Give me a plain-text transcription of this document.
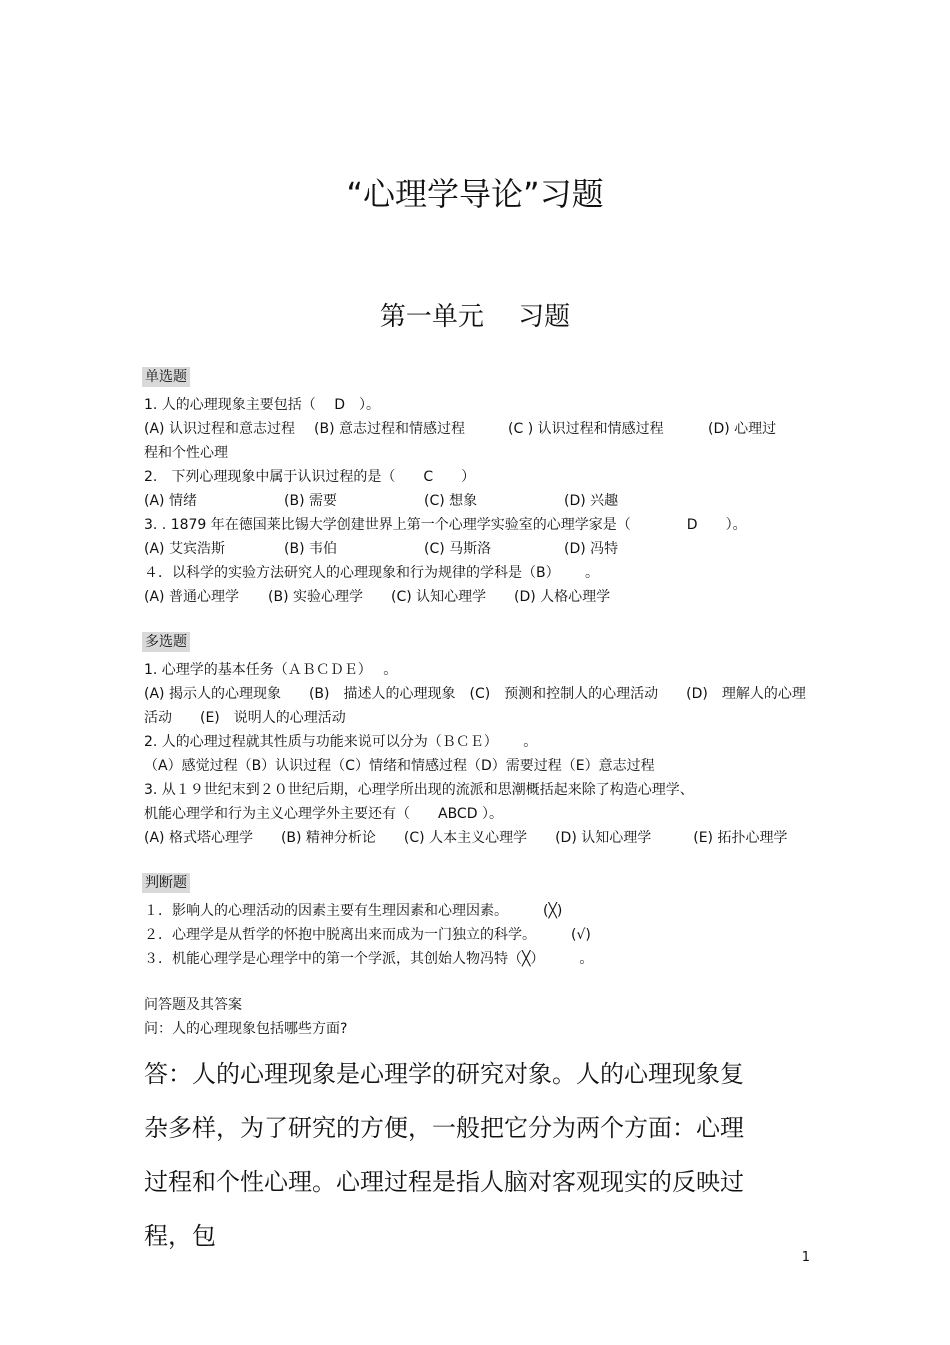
“心理学导论”习题
第一单元　 习题
单选题
1. 人的心理现象主要包括（　 D　）。
(A) 认识过程和意志过程	(B) 意志过程和情感过程	(C ) 认识过程和情感过程	(D) 心理过
程和个性心理
2.　下列心理现象中属于认识过程的是（　　C　　）
(A) 情绪	(B) 需要	(C) 想象	(D) 兴趣
3. . 1879 年在德国莱比锡大学创建世界上第一个心理学实验室的心理学家是（　　　　D　　）。
(A) 艾宾浩斯	(B) 韦伯	(C) 马斯洛	(D) 冯特
４．以科学的实验方法研究人的心理现象和行为规律的学科是（B）　　 。
(A) 普通心理学	(B) 实验心理学	(C) 认知心理学	(D) 人格心理学
多选题
1. 心理学的基本任务（ＡＢＣＤＥ）　 。
(A) 揭示人的心理现象　　(B)　描述人的心理现象　(C)　预测和控制人的心理活动　　(D)　理解人的心理活动　　(E)　说明人的心理活动
2. 人的心理过程就其性质与功能来说可以分为（ＢＣＥ）　　 。
（A）感觉过程（B）认识过程（C）情绪和情感过程（D）需要过程（E）意志过程
3. 从１９世纪末到２０世纪后期，心理学所出现的流派和思潮概括起来除了构造心理学、
机能心理学和行为主义心理学外主要还有（　　ABCD ）。
(A) 格式塔心理学　　(B) 精神分析论　　(C) 人本主义心理学　　(D) 认知心理学　　　(E) 拓扑心理学
判断题
１．影响人的心理活动的因素主要有生理因素和心理因素。　　　(╳)
２．心理学是从哲学的怀抱中脱离出来而成为一门独立的科学。　　　(√)
３．机能心理学是心理学中的第一个学派，其创始人物冯特（╳）　　　。
问答题及其答案
问：人的心理现象包括哪些方面?
答：人的心理现象是心理学的研究对象。人的心理现象复杂多样，为了研究的方便，一般把它分为两个方面：心理过程和个性心理。心理过程是指人脑对客观现实的反映过程，包
1
